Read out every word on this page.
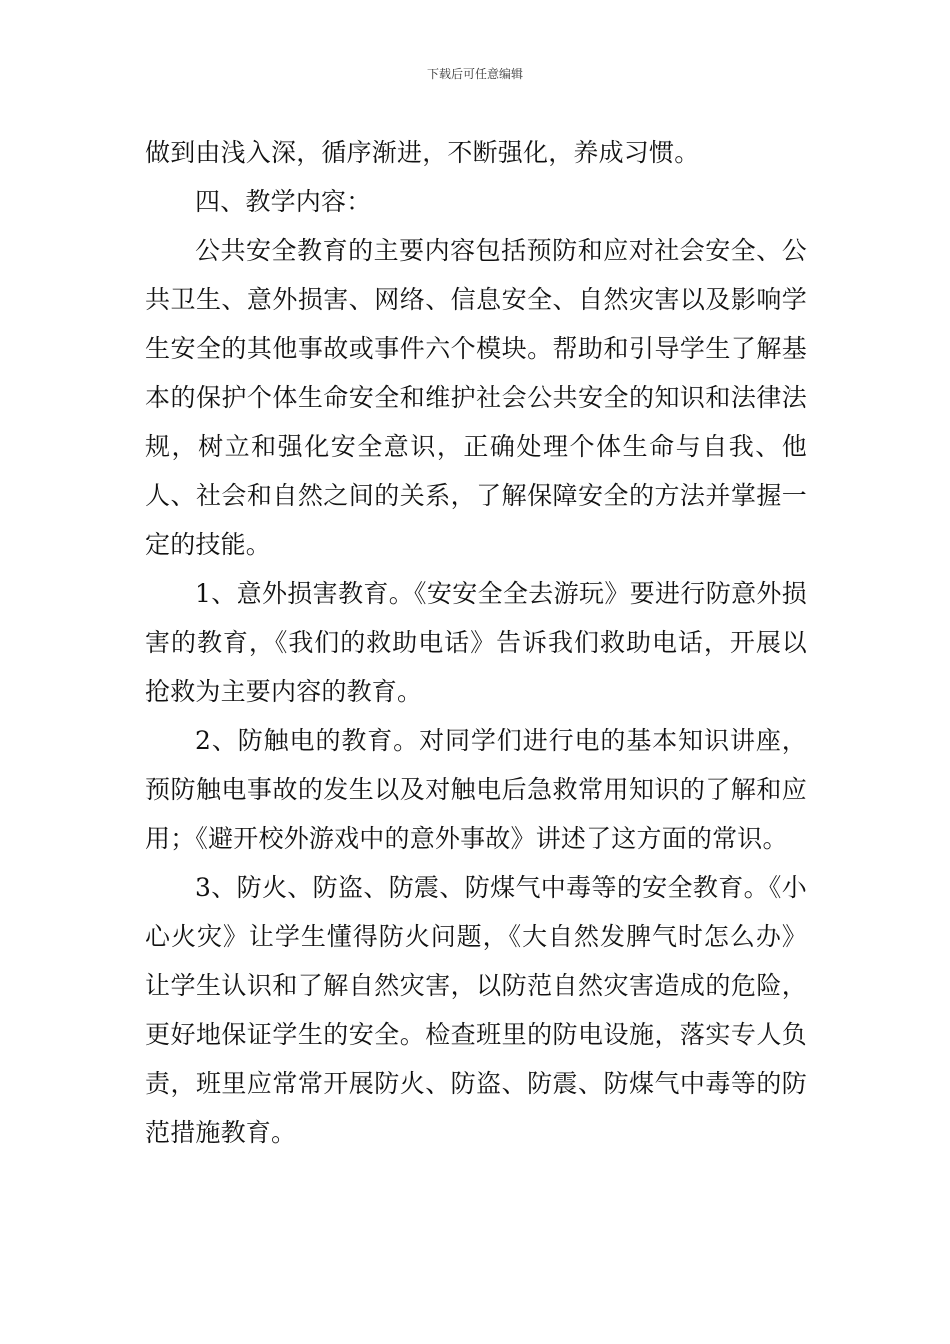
下载后可任意编辑

做到由浅入深，循序渐进，不断强化，养成习惯。

四、教学内容：

公共安全教育的主要内容包括预防和应对社会安全、公共卫生、意外损害、网络、信息安全、自然灾害以及影响学生安全的其他事故或事件六个模块。帮助和引导学生了解基本的保护个体生命安全和维护社会公共安全的知识和法律法规，树立和强化安全意识，正确处理个体生命与自我、他人、社会和自然之间的关系，了解保障安全的方法并掌握一定的技能。

1、意外损害教育。《安安全全去游玩》要进行防意外损害的教育，《我们的救助电话》告诉我们救助电话，开展以抢救为主要内容的教育。

2、防触电的教育。对同学们进行电的基本知识讲座，预防触电事故的发生以及对触电后急救常用知识的了解和应用；《避开校外游戏中的意外事故》讲述了这方面的常识。

3、防火、防盗、防震、防煤气中毒等的安全教育。《小心火灾》让学生懂得防火问题，《大自然发脾气时怎么办》让学生认识和了解自然灾害，以防范自然灾害造成的危险，更好地保证学生的安全。检查班里的防电设施，落实专人负责，班里应常常开展防火、防盗、防震、防煤气中毒等的防范措施教育。
